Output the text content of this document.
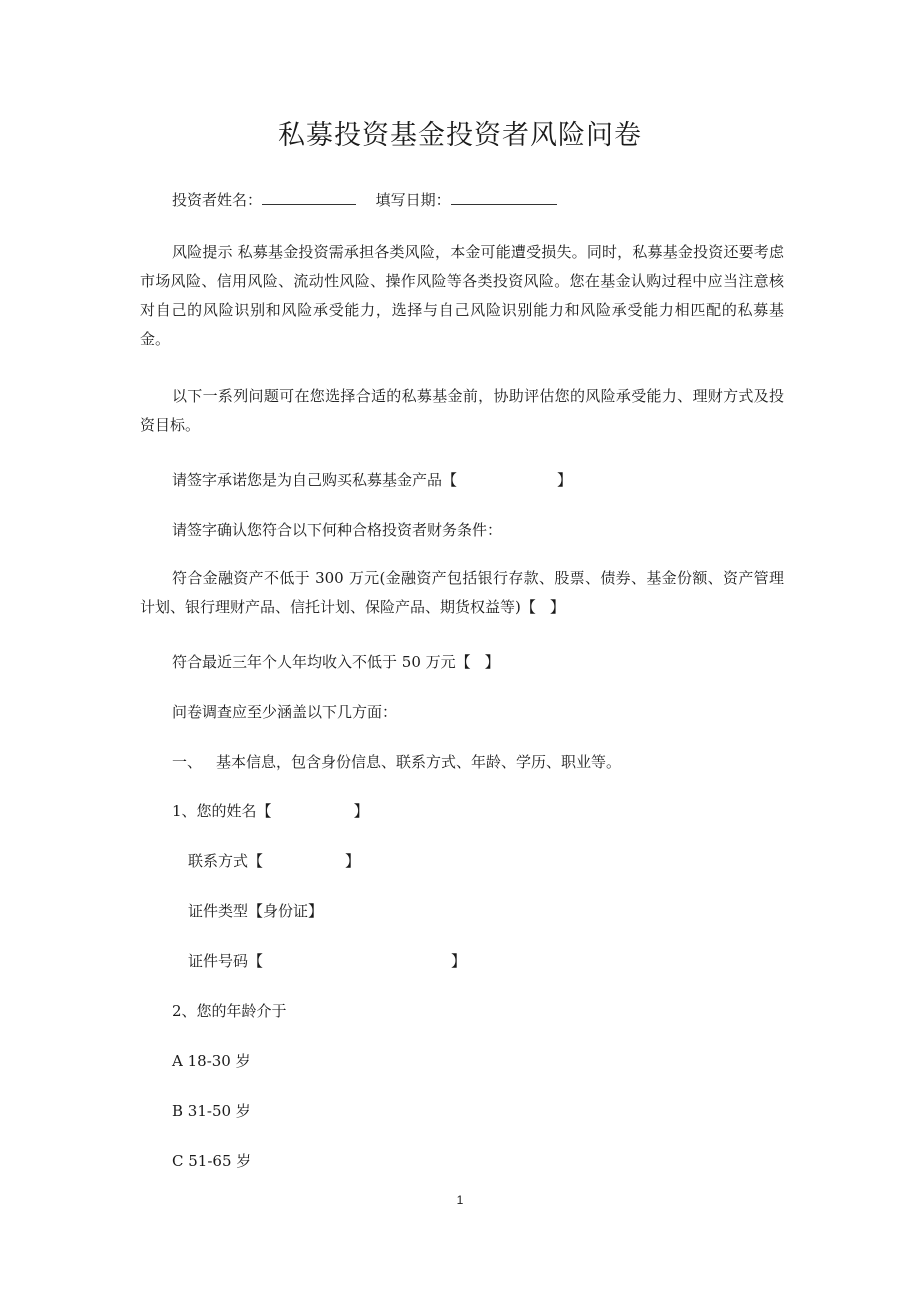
私募投资基金投资者风险问卷
投资者姓名：	填写日期：

风险提示 私募基金投资需承担各类风险，本金可能遭受损失。同时，私募基金投资还要考虑市场风险、信用风险、流动性风险、操作风险等各类投资风险。您在基金认购过程中应当注意核对自己的风险识别和风险承受能力，选择与自己风险识别能力和风险承受能力相匹配的私募基金。

以下一系列问题可在您选择合适的私募基金前，协助评估您的风险承受能力、理财方式及投资目标。

请签字承诺您是为自己购买私募基金产品【	】
请签字确认您符合以下何种合格投资者财务条件：

符合金融资产不低于 300 万元(金融资产包括银行存款、股票、债券、基金份额、资产管理计划、银行理财产品、信托计划、保险产品、期货权益等)【 】

符合最近三年个人年均收入不低于 50 万元【 】
问卷调查应至少涵盖以下几方面：
一、 基本信息，包含身份信息、联系方式、年龄、学历、职业等。
1、您的姓名【	】
联系方式【	】
证件类型【身份证】
证件号码【	】
2、您的年龄介于
A 18-30 岁
B 31-50 岁
C 51-65 岁
1
